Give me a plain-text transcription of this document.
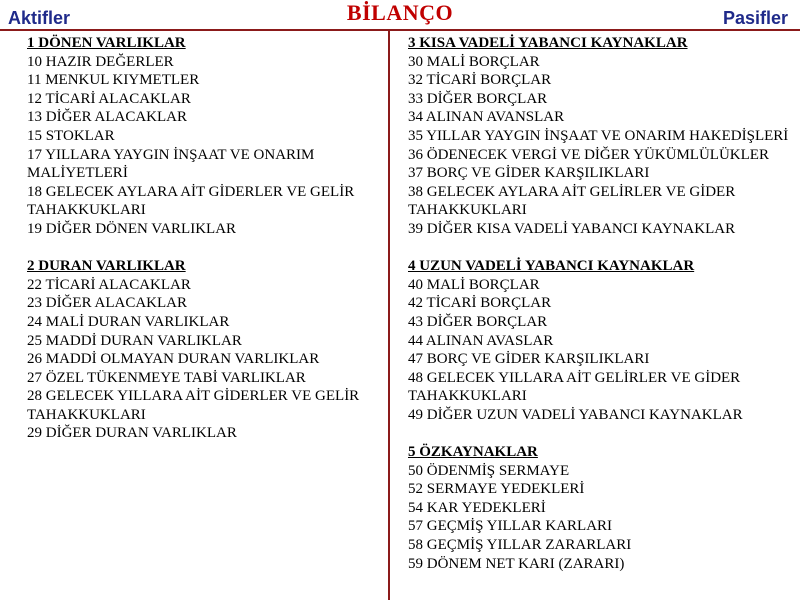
BİLANÇO
Aktifler	Pasifler
1 DÖNEN VARLIKLAR
10 HAZIR DEĞERLER
11 MENKUL KIYMETLER
12 TİCARİ ALACAKLAR
13 DİĞER ALACAKLAR
15 STOKLAR
17 YILLARA YAYGIN İNŞAAT VE ONARIM MALİYETLERİ
18 GELECEK AYLARA AİT GİDERLER VE GELİR TAHAKKUKLARI
19 DİĞER DÖNEN VARLIKLAR
2 DURAN VARLIKLAR
22 TİCARİ ALACAKLAR
23 DİĞER ALACAKLAR
24 MALİ DURAN VARLIKLAR
25 MADDİ DURAN VARLIKLAR
26 MADDİ OLMAYAN DURAN VARLIKLAR
27 ÖZEL TÜKENMEYE TABİ VARLIKLAR
28 GELECEK YILLARA AİT GİDERLER VE GELİR TAHAKKUKLARI
29 DİĞER DURAN VARLIKLAR
3 KISA VADELİ YABANCI KAYNAKLAR
30 MALİ BORÇLAR
32 TİCARİ BORÇLAR
33 DİĞER BORÇLAR
34 ALINAN AVANSLAR
35 YILLAR YAYGIN İNŞAAT VE ONARIM HAKEDİŞLERİ
36 ÖDENECEK VERGİ VE DİĞER YÜKÜMLÜLÜKLER
37 BORÇ VE GİDER KARŞILIKLARI
38 GELECEK AYLARA AİT GELİRLER VE GİDER TAHAKKUKLARI
39 DİĞER KISA VADELİ YABANCI KAYNAKLAR
4 UZUN VADELİ YABANCI KAYNAKLAR
40 MALİ BORÇLAR
42 TİCARİ BORÇLAR
43 DİĞER BORÇLAR
44 ALINAN AVASLAR
47 BORÇ VE GİDER KARŞILIKLARI
48 GELECEK YILLARA AİT GELİRLER VE GİDER TAHAKKUKLARI
49 DİĞER UZUN VADELİ YABANCI KAYNAKLAR
5 ÖZKAYNAKLAR
50 ÖDENMİŞ SERMAYE
52 SERMAYE YEDEKLERİ
54 KAR YEDEKLERİ
57 GEÇMİŞ YILLAR KARLARI
58 GEÇMİŞ YILLAR ZARARLARI
59 DÖNEM NET KARI (ZARARI)
